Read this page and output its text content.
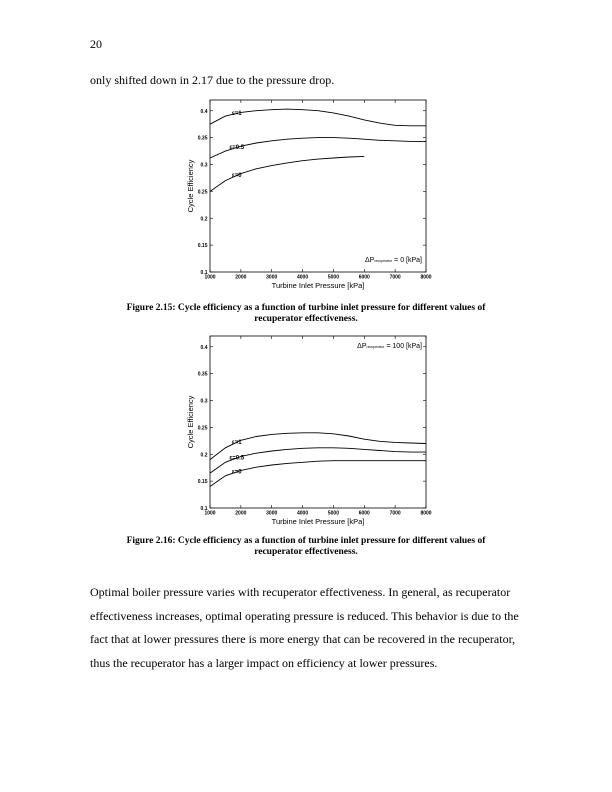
20
only shifted down in 2.17 due to the pressure drop.
1000	2000	3000	4000	5000	6000	7000	8000
0.1
0.15
0.2
0.25
0.3
0.35
0.4
Turbine Inlet Pressure [kPa]
Cycle Efficiency
ε=1
ε=0.5
ε=0
ΔPrecuperator = 0 [kPa]
Figure 2.15: Cycle efficiency as a function of turbine inlet pressure for different values of
recuperator effectiveness.
1000	2000	3000	4000	5000	6000	7000	8000
0.1
0.15
0.2
0.25
0.3
0.35
0.4
Turbine Inlet Pressure [kPa]
Cycle Efficiency	ε=1
ε=0.5
ε=0
ΔPrecuperator = 100 [kPa]
Figure 2.16: Cycle efficiency as a function of turbine inlet pressure for different values of
recuperator effectiveness.

Optimal boiler pressure varies with recuperator effectiveness. In general, as recuperator effectiveness increases, optimal operating pressure is reduced. This behavior is due to the fact that at lower pressures there is more energy that can be recovered in the recuperator, thus the recuperator has a larger impact on efficiency at lower pressures.
